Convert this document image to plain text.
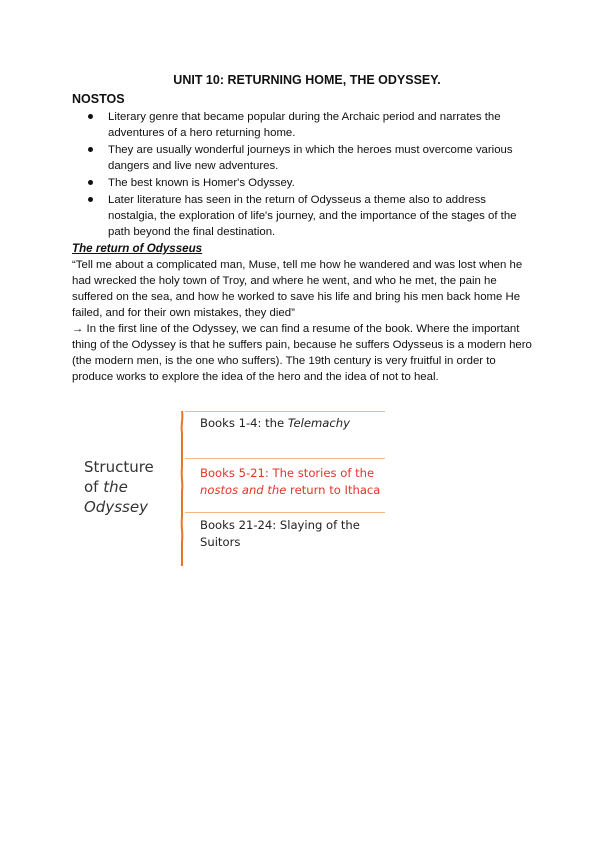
UNIT 10: RETURNING HOME, THE ODYSSEY.
NOSTOS
Literary genre that became popular during the Archaic period and narrates the adventures of a hero returning home.
They are usually wonderful journeys in which the heroes must overcome various dangers and live new adventures.
The best known is Homer's Odyssey.
Later literature has seen in the return of Odysseus a theme also to address nostalgia, the exploration of life's journey, and the importance of the stages of the path beyond the final destination.
The return of Odysseus

“Tell me about a complicated man, Muse, tell me how he wandered and was lost when he had wrecked the holy town of Troy, and where he went, and who he met, the pain he suffered on the sea, and how he worked to save his life and bring his men back home He failed, and for their own mistakes, they died”

→ In the first line of the Odyssey, we can find a resume of the book. Where the important thing of the Odyssey is that he suffers pain, because he suffers Odysseus is a modern hero (the modern men, is the one who suffers). The 19th century is very fruitful in order to produce works to explore the idea of the hero and the idea of not to heal.

Structure
of the
Odyssey
Books 1-4: the Telemachy
Books 5-21: The stories of the
nostos and the return to Ithaca
Books 21-24: Slaying of the
Suitors
